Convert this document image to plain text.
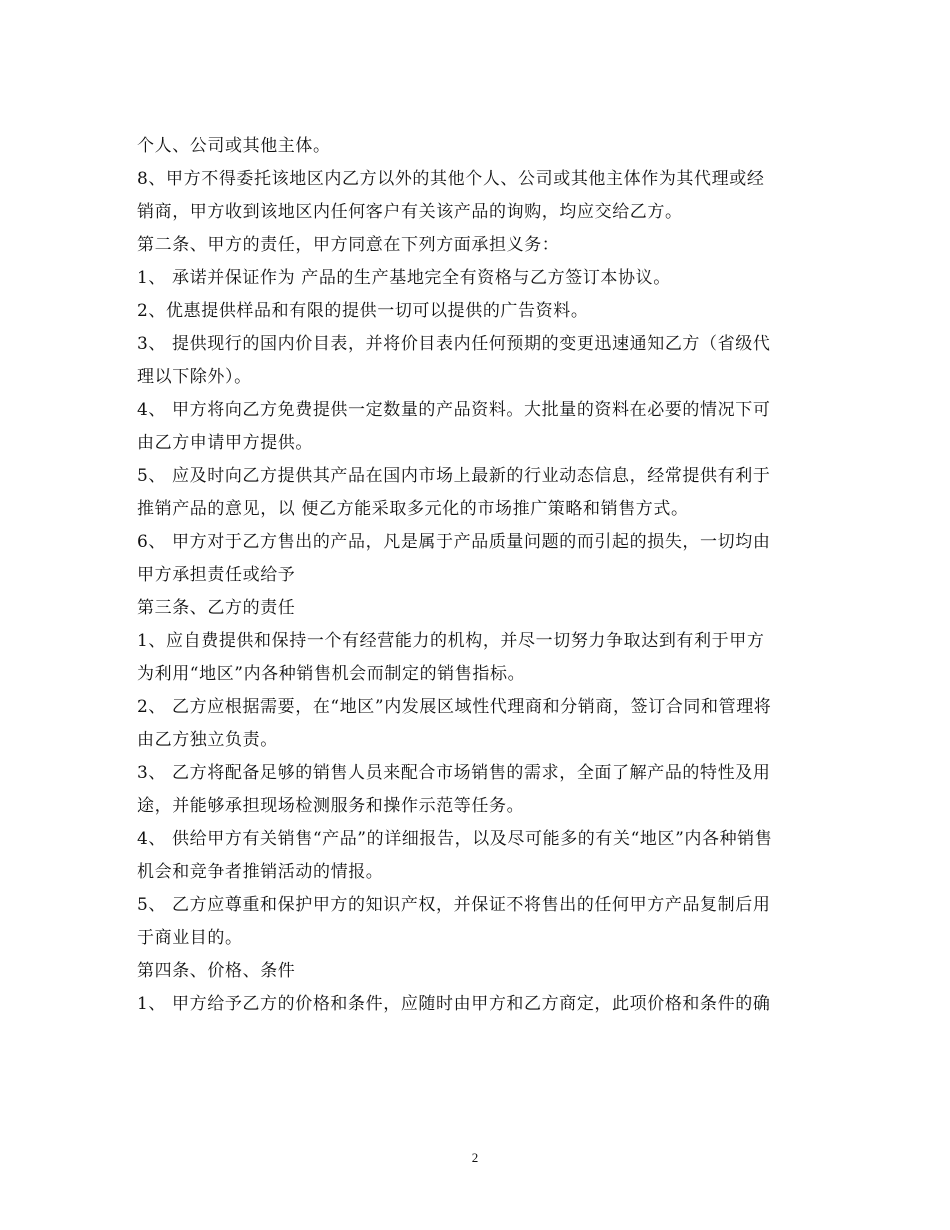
个人、公司或其他主体。
8、甲方不得委托该地区内乙方以外的其他个人、公司或其他主体作为其代理或经
销商，甲方收到该地区内任何客户有关该产品的询购，均应交给乙方。
第二条、甲方的责任，甲方同意在下列方面承担义务：
1、 承诺并保证作为 产品的生产基地完全有资格与乙方签订本协议。
2、优惠提供样品和有限的提供一切可以提供的广告资料。
3、 提供现行的国内价目表，并将价目表内任何预期的变更迅速通知乙方（省级代
理以下除外）。
4、 甲方将向乙方免费提供一定数量的产品资料。大批量的资料在必要的情况下可
由乙方申请甲方提供。
5、 应及时向乙方提供其产品在国内市场上最新的行业动态信息，经常提供有利于
推销产品的意见，以 便乙方能采取多元化的市场推广策略和销售方式。
6、 甲方对于乙方售出的产品，凡是属于产品质量问题的而引起的损失，一切均由
甲方承担责任或给予
第三条、乙方的责任
1、应自费提供和保持一个有经营能力的机构，并尽一切努力争取达到有利于甲方
为利用“地区”内各种销售机会而制定的销售指标。
2、 乙方应根据需要，在“地区”内发展区域性代理商和分销商，签订合同和管理将
由乙方独立负责。
3、 乙方将配备足够的销售人员来配合市场销售的需求，全面了解产品的特性及用
途，并能够承担现场检测服务和操作示范等任务。
4、 供给甲方有关销售“产品”的详细报告，以及尽可能多的有关“地区”内各种销售
机会和竞争者推销活动的情报。
5、 乙方应尊重和保护甲方的知识产权，并保证不将售出的任何甲方产品复制后用
于商业目的。
第四条、价格、条件
1、 甲方给予乙方的价格和条件，应随时由甲方和乙方商定，此项价格和条件的确
2
